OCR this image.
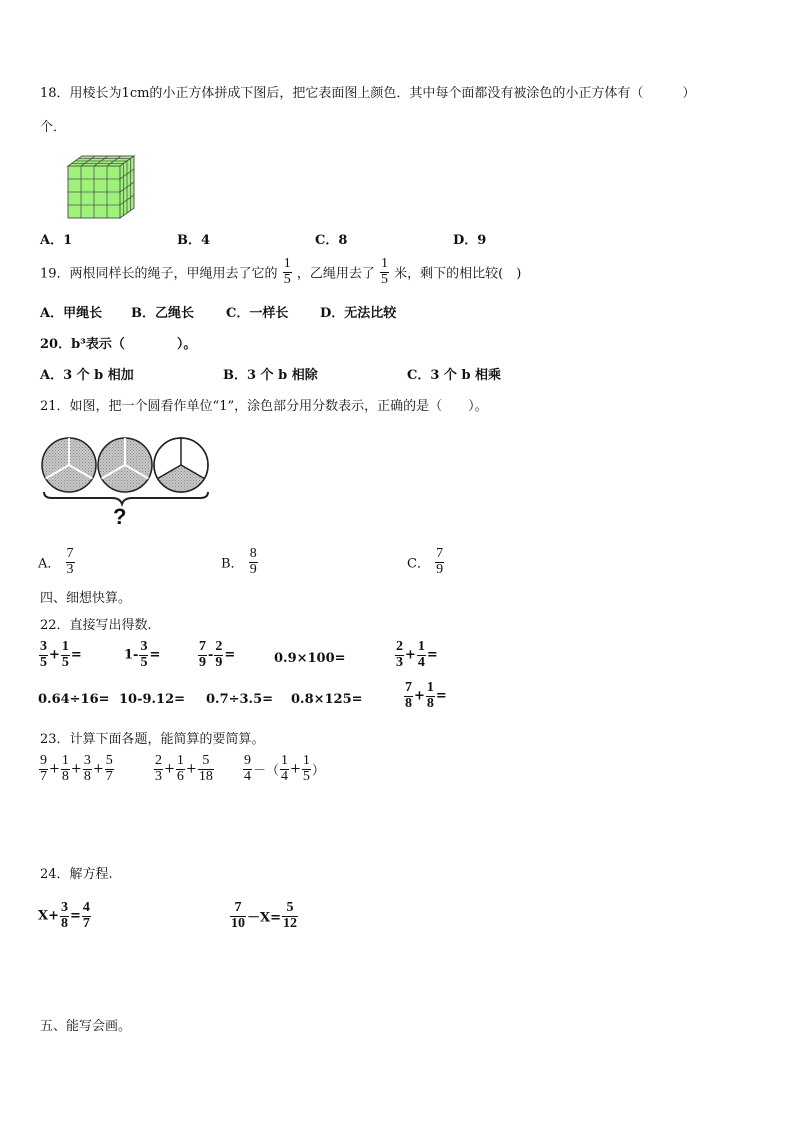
18．用棱长为1cm的小正方体拼成下图后，把它表面图上颜色．其中每个面都没有被涂色的小正方体有（　　　）
个．
A．1	B．4	C．8	D．9
19．两根同样长的绳子，甲绳用去了它的 $\frac{1}{5}$ ，乙绳用去了 $\frac{1}{5}$ 米，剩下的相比较(　)
A．甲绳长 B．乙绳长 C．一样长 D．无法比较
20．b³表示（　　　　）。
A．3 个 b 相加	B．3 个 b 相除	C．3 个 b 相乘
21．如图，把一个圆看作单位“1”，涂色部分用分数表示，正确的是（　　）。
?
A． $\frac{7}{3}$	B． $\frac{8}{9}$	C． $\frac{7}{9}$
四、细想快算。
22．直接写出得数.
$\frac{3}{5} + \frac{1}{5}$ =	$1- \frac{3}{5}$ =	$\frac{7}{9} - \frac{2}{9}$ =	0.9×100=	$\frac{2}{3} + \frac{1}{4}$ =
0.64÷16= 10-9.12= 0.7÷3.5= 0.8×125=	$\frac{7}{8} + \frac{1}{8}$ =
23．计算下面各题，能简算的要简算。
$\frac{9}{7} + \frac{1}{8} + \frac{3}{8} + \frac{5}{7}$	$\frac{2}{3} + \frac{1}{6} + \frac{5}{18} \frac{9}{4}$ －（ $\frac{1}{4} + \frac{1}{5}$ ）
24．解方程.
$X+ \frac{3}{8} = \frac{4}{7}$	$\frac{7}{10} -X= \frac{5}{12}$
五、能写会画。
